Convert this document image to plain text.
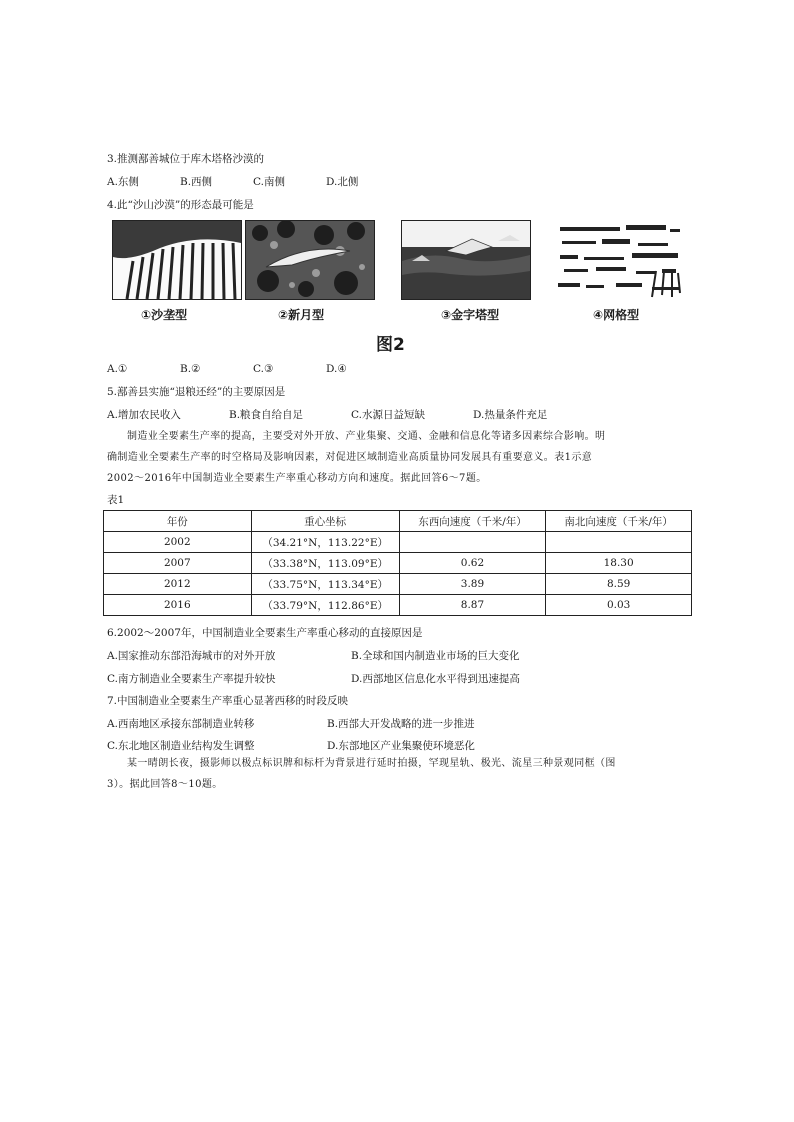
3.推测鄯善城位于库木塔格沙漠的
A.东侧	B.西侧	C.南侧	D.北侧
4.此“沙山沙漠”的形态最可能是
①沙垄型	②新月型	③金字塔型	④网格型
图2
A.①	B.②	C.③	D.④
5.鄯善县实施“退粮还经”的主要原因是
A.增加农民收入	B.粮食自给自足	C.水源日益短缺	D.热量条件充足
制造业全要素生产率的提高，主要受对外开放、产业集聚、交通、金融和信息化等诸多因素综合影响。明
确制造业全要素生产率的时空格局及影响因素，对促进区域制造业高质量协同发展具有重要意义。表1示意
2002～2016年中国制造业全要素生产率重心移动方向和速度。据此回答6～7题。
表1
年份	重心坐标	东西向速度（千米/年）	南北向速度（千米/年）
2002	（34.21°N，113.22°E）		
2007	（33.38°N，113.09°E）	0.62	18.30
2012	（33.75°N，113.34°E）	3.89	8.59
2016	（33.79°N，112.86°E）	8.87	0.03
6.2002～2007年，中国制造业全要素生产率重心移动的直接原因是
A.国家推动东部沿海城市的对外开放	B.全球和国内制造业市场的巨大变化
C.南方制造业全要素生产率提升较快	D.西部地区信息化水平得到迅速提高
7.中国制造业全要素生产率重心显著西移的时段反映
A.西南地区承接东部制造业转移	B.西部大开发战略的进一步推进
C.东北地区制造业结构发生调整	D.东部地区产业集聚使环境恶化
某一晴朗长夜，摄影师以极点标识牌和标杆为背景进行延时拍摄，罕现星轨、极光、流星三种景观同框（图
3）。据此回答8～10题。
